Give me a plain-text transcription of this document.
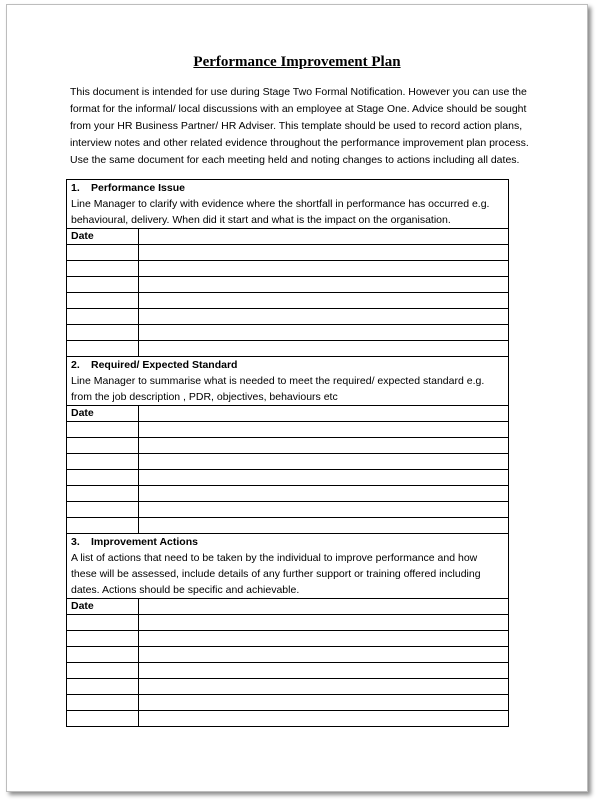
Performance Improvement Plan

This document is intended for use during Stage Two Formal Notification. However you can use the
format for the informal/ local discussions with an employee at Stage One. Advice should be sought
from your HR Business Partner/ HR Adviser. This template should be used to record action plans,
interview notes and other related evidence throughout the performance improvement plan process.
Use the same document for each meeting held and noting changes to actions including all dates.

1. Performance Issue
Line Manager to clarify with evidence where the shortfall in performance has occurred e.g.
behavioural, delivery. When did it start and what is the impact on the organisation.	

Date	

2. Required/ Expected Standard
Line Manager to summarise what is needed to meet the required/ expected standard e.g.
from the job description , PDR, objectives, behaviours etc	

Date	

3. Improvement Actions
A list of actions that need to be taken by the individual to improve performance and how
these will be assessed, include details of any further support or training offered including
dates. Actions should be specific and achievable.	

Date	
